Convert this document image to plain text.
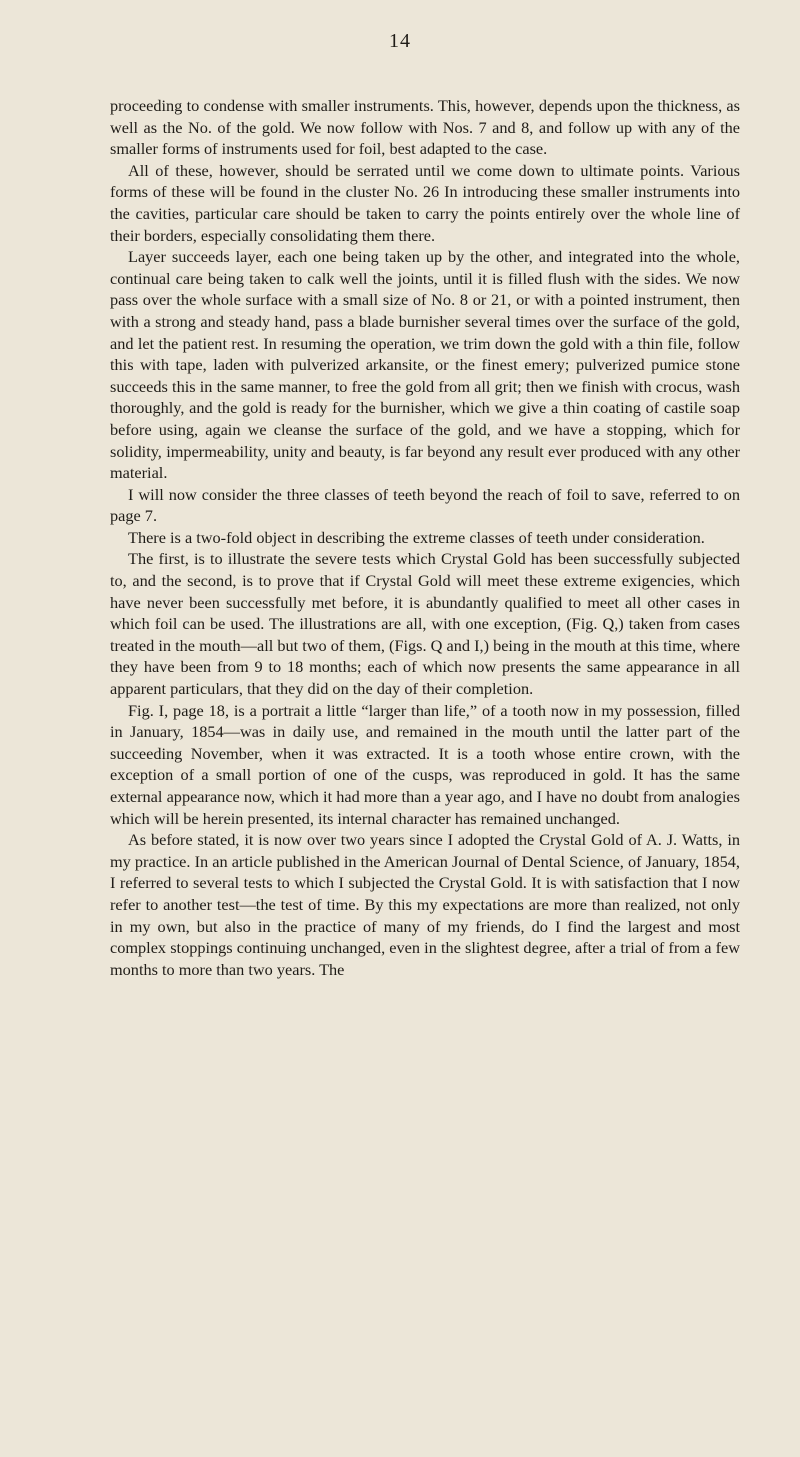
14

proceeding to condense with smaller instruments. This, however, depends upon the thickness, as well as the No. of the gold. We now follow with Nos. 7 and 8, and follow up with any of the smaller forms of instruments used for foil, best adapted to the case.

All of these, however, should be serrated until we come down to ultimate points. Various forms of these will be found in the cluster No. 26 In introducing these smaller instruments into the cavities, particular care should be taken to carry the points entirely over the whole line of their borders, especially consolidating them there.

Layer succeeds layer, each one being taken up by the other, and integrated into the whole, continual care being taken to calk well the joints, until it is filled flush with the sides. We now pass over the whole surface with a small size of No. 8 or 21, or with a pointed instrument, then with a strong and steady hand, pass a blade burnisher several times over the surface of the gold, and let the patient rest. In resuming the operation, we trim down the gold with a thin file, follow this with tape, laden with pulverized arkansite, or the finest emery; pulverized pumice stone succeeds this in the same manner, to free the gold from all grit; then we finish with crocus, wash thoroughly, and the gold is ready for the burnisher, which we give a thin coating of castile soap before using, again we cleanse the surface of the gold, and we have a stopping, which for solidity, impermeability, unity and beauty, is far beyond any result ever produced with any other material.

I will now consider the three classes of teeth beyond the reach of foil to save, referred to on page 7.

There is a two-fold object in describing the extreme classes of teeth under consideration.

The first, is to illustrate the severe tests which Crystal Gold has been successfully subjected to, and the second, is to prove that if Crystal Gold will meet these extreme exigencies, which have never been successfully met before, it is abundantly qualified to meet all other cases in which foil can be used. The illustrations are all, with one exception, (Fig. Q,) taken from cases treated in the mouth—all but two of them, (Figs. Q and I,) being in the mouth at this time, where they have been from 9 to 18 months; each of which now presents the same appearance in all apparent particulars, that they did on the day of their completion.

Fig. I, page 18, is a portrait a little “larger than life,” of a tooth now in my possession, filled in January, 1854—was in daily use, and remained in the mouth until the latter part of the succeeding November, when it was extracted. It is a tooth whose entire crown, with the exception of a small portion of one of the cusps, was reproduced in gold. It has the same external appearance now, which it had more than a year ago, and I have no doubt from analogies which will be herein presented, its internal character has remained unchanged.

As before stated, it is now over two years since I adopted the Crystal Gold of A. J. Watts, in my practice. In an article published in the American Journal of Dental Science, of January, 1854, I referred to several tests to which I subjected the Crystal Gold. It is with satisfaction that I now refer to another test—the test of time. By this my expectations are more than realized, not only in my own, but also in the practice of many of my friends, do I find the largest and most complex stoppings continuing unchanged, even in the slightest degree, after a trial of from a few months to more than two years. The
